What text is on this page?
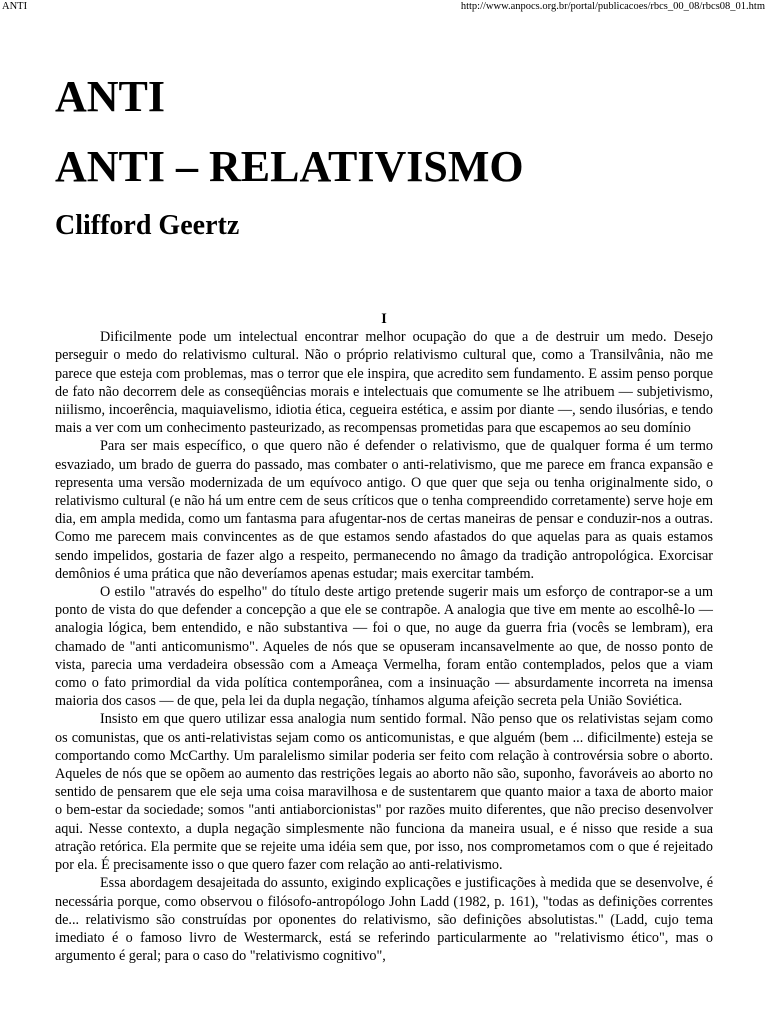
ANTI	http://www.anpocs.org.br/portal/publicacoes/rbcs_00_08/rbcs08_01.htm
ANTI
ANTI – RELATIVISMO
Clifford Geertz

I

Dificilmente pode um intelectual encontrar melhor ocupação do que a de destruir um medo. Desejo perseguir o medo do relativismo cultural. Não o próprio relativismo cultural que, como a Transilvânia, não me parece que esteja com problemas, mas o terror que ele inspira, que acredito sem fundamento. E assim penso porque de fato não decorrem dele as conseqüências morais e intelectuais que comumente se lhe atribuem — subjetivismo, niilismo, incoerência, maquiavelismo, idiotia ética, cegueira estética, e assim por diante —, sendo ilusórias, e tendo mais a ver com um conhecimento pasteurizado, as recompensas prometidas para que escapemos ao seu domínio

Para ser mais específico, o que quero não é defender o relativismo, que de qualquer forma é um termo esvaziado, um brado de guerra do passado, mas combater o anti-relativismo, que me parece em franca expansão e representa uma versão modernizada de um equívoco antigo. O que quer que seja ou tenha originalmente sido, o relativismo cultural (e não há um entre cem de seus críticos que o tenha compreendido corretamente) serve hoje em dia, em ampla medida, como um fantasma para afugentar-nos de certas maneiras de pensar e conduzir-nos a outras. Como me parecem mais convincentes as de que estamos sendo afastados do que aquelas para as quais estamos sendo impelidos, gostaria de fazer algo a respeito, permanecendo no âmago da tradição antropológica. Exorcisar demônios é uma prática que não deveríamos apenas estudar; mais exercitar também.

O estilo "através do espelho" do título deste artigo pretende sugerir mais um esforço de contrapor-se a um ponto de vista do que defender a concepção a que ele se contrapõe. A analogia que tive em mente ao escolhê-lo — analogia lógica, bem entendido, e não substantiva — foi o que, no auge da guerra fria (vocês se lembram), era chamado de "anti anticomunismo". Aqueles de nós que se opuseram incansavelmente ao que, de nosso ponto de vista, parecia uma verdadeira obsessão com a Ameaça Vermelha, foram então contemplados, pelos que a viam como o fato primordial da vida política contemporânea, com a insinuação — absurdamente incorreta na imensa maioria dos casos — de que, pela lei da dupla negação, tínhamos alguma afeição secreta pela União Soviética.

Insisto em que quero utilizar essa analogia num sentido formal. Não penso que os relativistas sejam como os comunistas, que os anti-relativistas sejam como os anticomunistas, e que alguém (bem ... dificilmente) esteja se comportando como McCarthy. Um paralelismo similar poderia ser feito com relação à controvérsia sobre o aborto. Aqueles de nós que se opõem ao aumento das restrições legais ao aborto não são, suponho, favoráveis ao aborto no sentido de pensarem que ele seja uma coisa maravilhosa e de sustentarem que quanto maior a taxa de aborto maior o bem-estar da sociedade; somos "anti antiaborcionistas" por razões muito diferentes, que não preciso desenvolver aqui. Nesse contexto, a dupla negação simplesmente não funciona da maneira usual, e é nisso que reside a sua atração retórica. Ela permite que se rejeite uma idéia sem que, por isso, nos comprometamos com o que é rejeitado por ela. É precisamente isso o que quero fazer com relação ao anti-relativismo.

Essa abordagem desajeitada do assunto, exigindo explicações e justificações à medida que se desenvolve, é necessária porque, como observou o filósofo-antropólogo John Ladd (1982, p. 161), "todas as definições correntes de... relativismo são construídas por oponentes do relativismo, são definições absolutistas." (Ladd, cujo tema imediato é o famoso livro de Westermarck, está se referindo particularmente ao "relativismo ético", mas o argumento é geral; para o caso do "relativismo cognitivo",
